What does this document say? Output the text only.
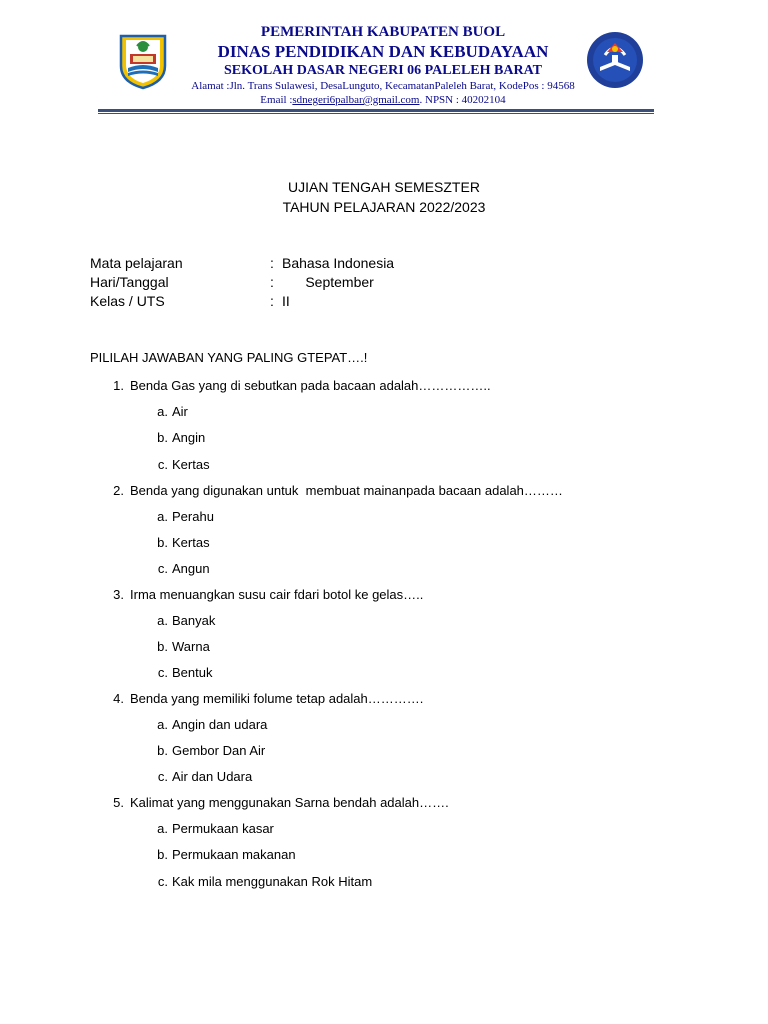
PEMERINTAH KABUPATEN BUOL
DINAS PENDIDIKAN DAN KEBUDAYAAN
SEKOLAH DASAR NEGERI 06 PALELEH BARAT
Alamat :Jln. Trans Sulawesi, DesaLunguto, KecamatanPaleleh Barat, KodePos : 94568
Email :sdnegeri6palbar@gmail.com. NPSN : 40202104
UJIAN TENGAH SEMESZTER
TAHUN PELAJARAN 2022/2023
Mata pelajaran	: Bahasa Indonesia
Hari/Tanggal	: September
Kelas / UTS	: II
PILILAH JAWABAN YANG PALING GTEPAT….!
1. Benda Gas yang di sebutkan pada bacaan adalah……………..
a. Air
b. Angin
c. Kertas
2. Benda yang digunakan untuk  membuat mainanpada bacaan adalah………
a. Perahu
b. Kertas
c. Angun
3. Irma menuangkan susu cair fdari botol ke gelas…..
a. Banyak
b. Warna
c. Bentuk
4. Benda yang memiliki folume tetap adalah………….
a. Angin dan udara
b. Gembor Dan Air
c. Air dan Udara
5. Kalimat yang menggunakan Sarna bendah adalah…….
a. Permukaan kasar
b. Permukaan makanan
c. Kak mila menggunakan Rok Hitam
